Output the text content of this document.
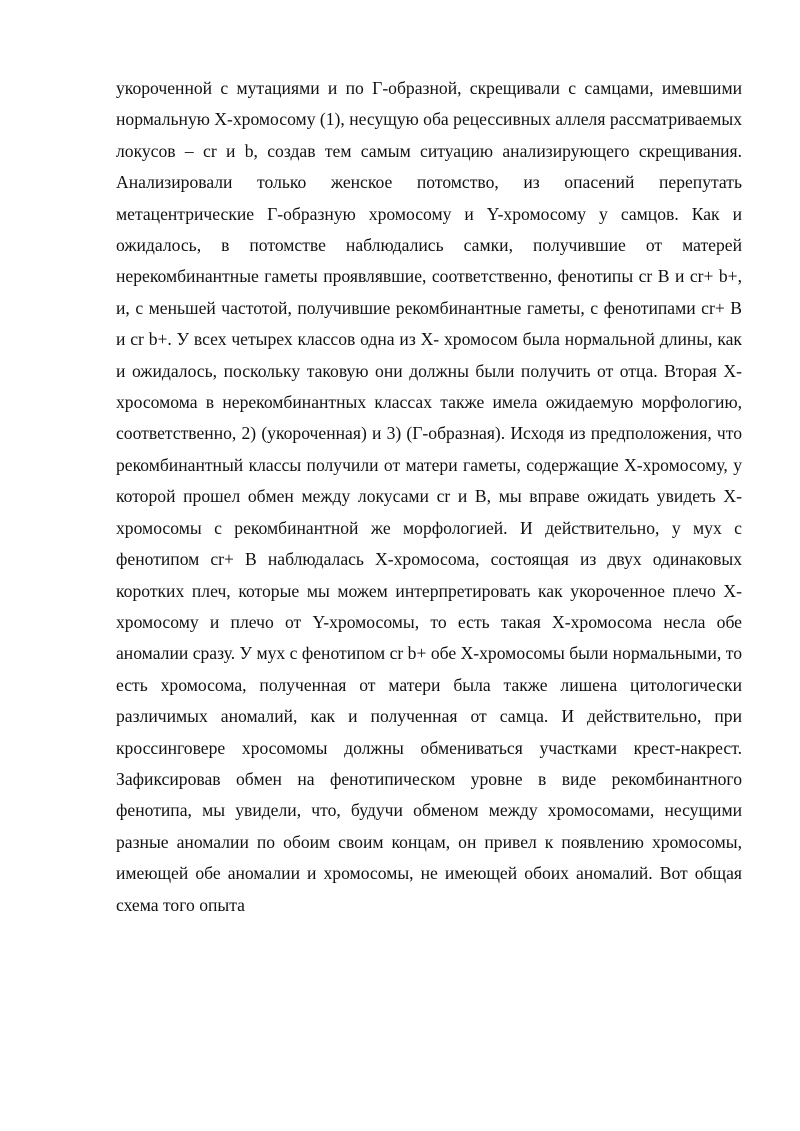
укороченной с мутациями и по Г-образной, скрещивали с самцами, имевшими нормальную Х-хромосому (1), несущую оба рецессивных аллеля рассматриваемых локусов – cr и b, создав тем самым ситуацию анализирующего скрещивания. Анализировали только женское потомство, из опасений перепутать метацентрические Г-образную хромосому и Y-хромосому у самцов. Как и ожидалось, в потомстве наблюдались самки, получившие от матерей нерекомбинантные гаметы проявлявшие, соответственно, фенотипы cr B и cr+ b+, и, с меньшей частотой, получившие рекомбинантные гаметы, с фенотипами cr+ B и cr b+. У всех четырех классов одна из Х- хромосом была нормальной длины, как и ожидалось, поскольку таковую они должны были получить от отца. Вторая Х-хросомома в нерекомбинантных классах также имела ожидаемую морфологию, соответственно, 2) (укороченная) и 3) (Г-образная). Исходя из предположения, что рекомбинантный классы получили от матери гаметы, содержащие Х-хромосому, у которой прошел обмен между локусами cr и B, мы вправе ожидать увидеть Х-хромосомы с рекомбинантной же морфологией. И действительно, у мух с фенотипом cr+ B наблюдалась Х-хромосома, состоящая из двух одинаковых коротких плеч, которые мы можем интерпретировать как укороченное плечо Х-хромосому и плечо от Y-хромосомы, то есть такая Х-хромосома несла обе аномалии сразу. У мух с фенотипом cr b+ обе Х-хромосомы были нормальными, то есть хромосома, полученная от матери была также лишена цитологически различимых аномалий, как и полученная от самца. И действительно, при кроссинговере хросомомы должны обмениваться участками крест-накрест. Зафиксировав обмен на фенотипическом уровне в виде рекомбинантного фенотипа, мы увидели, что, будучи обменом между хромосомами, несущими разные аномалии по обоим своим концам, он привел к появлению хромосомы, имеющей обе аномалии и хромосомы, не имеющей обоих аномалий. Вот общая схема того опыта
